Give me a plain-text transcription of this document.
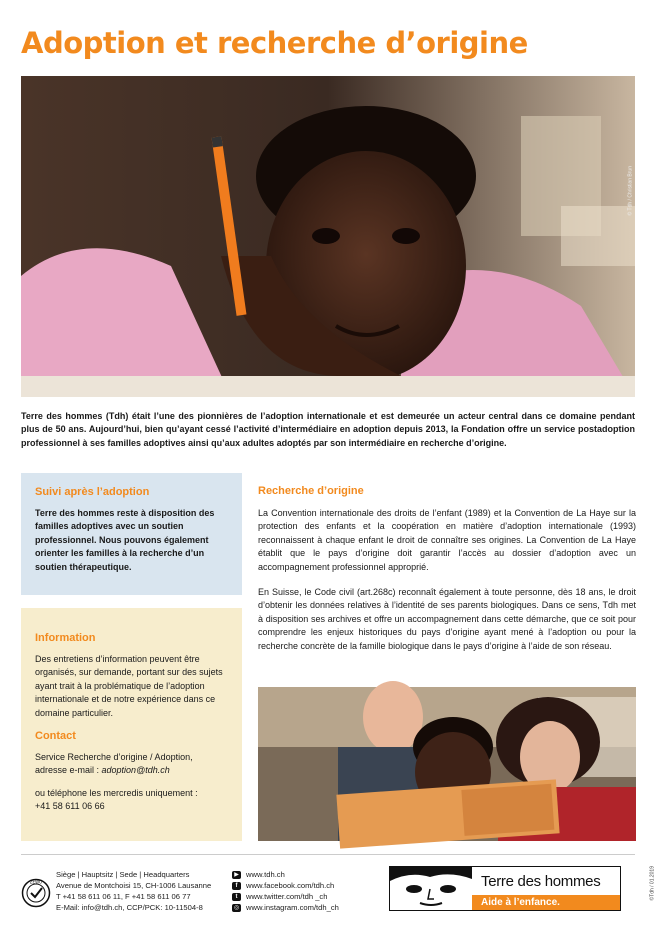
Adoption et recherche d’origine
© Tdh / Christian Brun

Terre des hommes (Tdh) était l’une des pionnières de l’adoption internationale et est demeurée un acteur central dans ce domaine pendant plus de 50 ans. Aujourd’hui, bien qu’ayant cessé l’activité d’intermédiaire en adoption depuis 2013, la Fondation offre un service postadoption professionnel à ses familles adoptives ainsi qu’aux adultes adoptés par son intermédiaire en recherche d’origine.

Suivi après l’adoption

Terre des hommes reste à disposition des familles adoptives avec un soutien professionnel. Nous pouvons également orienter les familles à la recherche d’un soutien thérapeutique.

Information

Des entretiens d’information peuvent être organisés, sur demande, portant sur des sujets ayant trait à la problématique de l’adoption internationale et de notre expérience dans ce domaine particulier.

Contact

Service Recherche d’origine / Adoption,

adresse e-mail : adoption@tdh.ch

ou téléphone les mercredis uniquement :

+41 58 611 06 66

Recherche d’origine

La Convention internationale des droits de l’enfant (1989) et la Convention de La Haye sur la protection des enfants et la coopération en matière d’adoption internationale (1993) reconnaissent à chaque enfant le droit de connaître ses origines. La Convention de La Haye établit que le pays d’origine doit garantir l’accès au dossier d’adoption avec un accompagnement professionnel approprié.

En Suisse, le Code civil (art.268c) reconnaît également à toute personne, dès 18 ans, le droit d’obtenir les données relatives à l’identité de ses parents biologiques. Dans ce sens, Tdh met à disposition ses archives et offre un accompagnement dans cette démarche, que ce soit pour comprendre les enjeux historiques du pays d’origine ayant mené à l’adoption ou pour la recherche concrète de la famille biologique dans le pays d’origine à l’aide de son réseau.

ZEWO
Siège | Hauptsitz | Sede | Headquarters
Avenue de Montchoisi 15, CH-1006 Lausanne
T +41 58 611 06 11, F +41 58 611 06 77
E-Mail: info@tdh.ch, CCP/PCK: 10-11504-8
▶ www.tdh.ch
f	www.facebook.com/tdh.ch
t	www.twitter.com/tdh _ch
◎ www.instagram.com/tdh_ch
Terre des hommes
Aide à l’enfance.
©Tdh / 01.2019
